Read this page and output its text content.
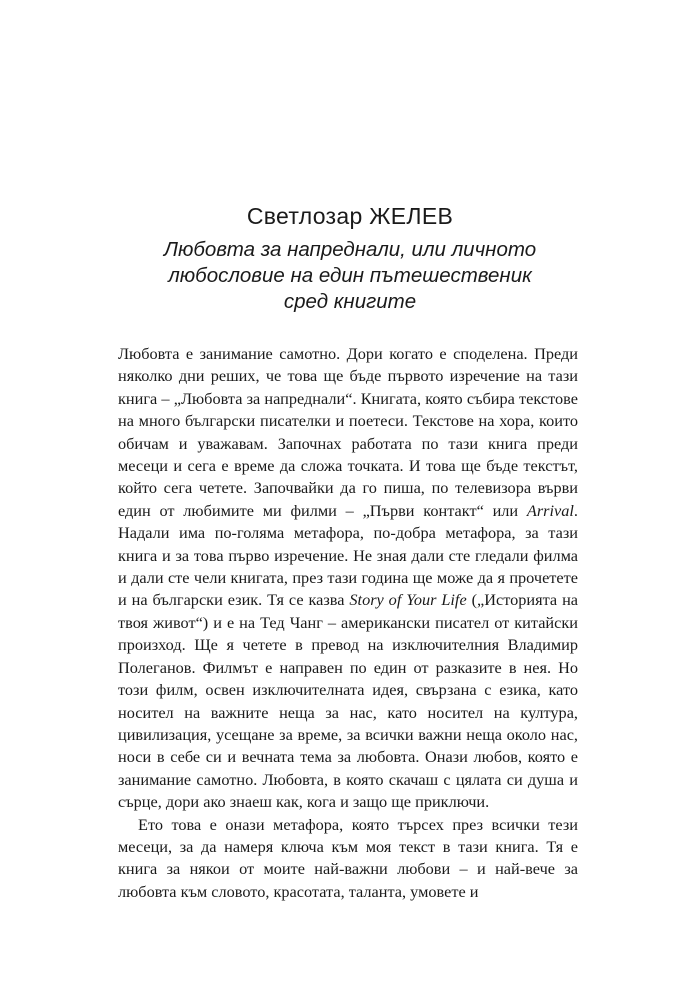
Светлозар ЖЕЛЕВ
Любовта за напреднали, или личното любословие на един пътешественик сред книгите

Любовта е занимание самотно. Дори когато е споделена. Преди няколко дни реших, че това ще бъде първото изречение на тази книга – „Любовта за напреднали“. Книгата, която събира текстове на много български писателки и поетеси. Текстове на хора, които обичам и уважавам. Започнах работата по тази книга преди месеци и сега е време да сложа точката. И това ще бъде текстът, който сега четете. Започвайки да го пиша, по телевизора върви един от любимите ми филми – „Първи контакт“ или Arrival. Надали има по-голяма метафора, по-добра метафора, за тази книга и за това първо изречение. Не зная дали сте гледали филма и дали сте чели книгата, през тази година ще може да я прочетете и на български език. Тя се казва Story of Your Life („Историята на твоя живот“) и е на Тед Чанг – американски писател от китайски произход. Ще я четете в превод на изключителния Владимир Полеганов. Филмът е направен по един от разказите в нея. Но този филм, освен изключителната идея, свързана с езика, като носител на важните неща за нас, като носител на култура, цивилизация, усещане за време, за всички важни неща около нас, носи в себе си и вечната тема за любовта. Онази любов, която е занимание самотно. Любовта, в която скачаш с цялата си душа и сърце, дори ако знаеш как, кога и защо ще приключи.

Ето това е онази метафора, която търсех през всички тези месеци, за да намеря ключа към моя текст в тази книга. Тя е книга за някои от моите най-важни любови – и най-вече за любовта към словото, красотата, таланта, умовете и
